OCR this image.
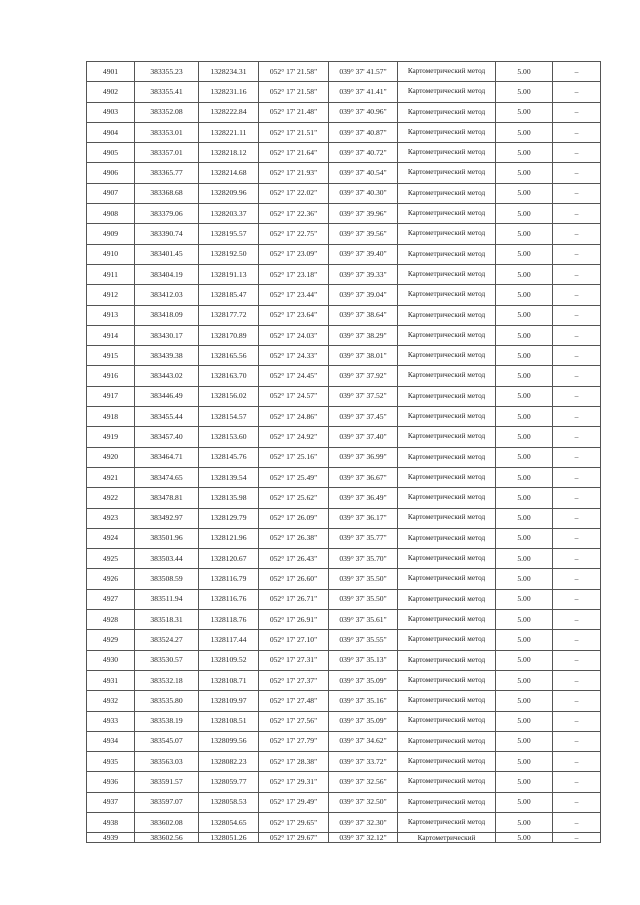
4901	383355.23	1328234.31	052° 17' 21.58"	039° 37' 41.57"	Картометрический метод	5.00	–
4902	383355.41	1328231.16	052° 17' 21.58"	039° 37' 41.41"	Картометрический метод	5.00	–
4903	383352.08	1328222.84	052° 17' 21.48"	039° 37' 40.96"	Картометрический метод	5.00	–
4904	383353.01	1328221.11	052° 17' 21.51"	039° 37' 40.87"	Картометрический метод	5.00	–
4905	383357.01	1328218.12	052° 17' 21.64"	039° 37' 40.72"	Картометрический метод	5.00	–
4906	383365.77	1328214.68	052° 17' 21.93"	039° 37' 40.54"	Картометрический метод	5.00	–
4907	383368.68	1328209.96	052° 17' 22.02"	039° 37' 40.30"	Картометрический метод	5.00	–
4908	383379.06	1328203.37	052° 17' 22.36"	039° 37' 39.96"	Картометрический метод	5.00	–
4909	383390.74	1328195.57	052° 17' 22.75"	039° 37' 39.56"	Картометрический метод	5.00	–
4910	383401.45	1328192.50	052° 17' 23.09"	039° 37' 39.40"	Картометрический метод	5.00	–
4911	383404.19	1328191.13	052° 17' 23.18"	039° 37' 39.33"	Картометрический метод	5.00	–
4912	383412.03	1328185.47	052° 17' 23.44"	039° 37' 39.04"	Картометрический метод	5.00	–
4913	383418.09	1328177.72	052° 17' 23.64"	039° 37' 38.64"	Картометрический метод	5.00	–
4914	383430.17	1328170.89	052° 17' 24.03"	039° 37' 38.29"	Картометрический метод	5.00	–
4915	383439.38	1328165.56	052° 17' 24.33"	039° 37' 38.01"	Картометрический метод	5.00	–
4916	383443.02	1328163.70	052° 17' 24.45"	039° 37' 37.92"	Картометрический метод	5.00	–
4917	383446.49	1328156.02	052° 17' 24.57"	039° 37' 37.52"	Картометрический метод	5.00	–
4918	383455.44	1328154.57	052° 17' 24.86"	039° 37' 37.45"	Картометрический метод	5.00	–
4919	383457.40	1328153.60	052° 17' 24.92"	039° 37' 37.40"	Картометрический метод	5.00	–
4920	383464.71	1328145.76	052° 17' 25.16"	039° 37' 36.99"	Картометрический метод	5.00	–
4921	383474.65	1328139.54	052° 17' 25.49"	039° 37' 36.67"	Картометрический метод	5.00	–
4922	383478.81	1328135.98	052° 17' 25.62"	039° 37' 36.49"	Картометрический метод	5.00	–
4923	383492.97	1328129.79	052° 17' 26.09"	039° 37' 36.17"	Картометрический метод	5.00	–
4924	383501.96	1328121.96	052° 17' 26.38"	039° 37' 35.77"	Картометрический метод	5.00	–
4925	383503.44	1328120.67	052° 17' 26.43"	039° 37' 35.70"	Картометрический метод	5.00	–
4926	383508.59	1328116.79	052° 17' 26.60"	039° 37' 35.50"	Картометрический метод	5.00	–
4927	383511.94	1328116.76	052° 17' 26.71"	039° 37' 35.50"	Картометрический метод	5.00	–
4928	383518.31	1328118.76	052° 17' 26.91"	039° 37' 35.61"	Картометрический метод	5.00	–
4929	383524.27	1328117.44	052° 17' 27.10"	039° 37' 35.55"	Картометрический метод	5.00	–
4930	383530.57	1328109.52	052° 17' 27.31"	039° 37' 35.13"	Картометрический метод	5.00	–
4931	383532.18	1328108.71	052° 17' 27.37"	039° 37' 35.09"	Картометрический метод	5.00	–
4932	383535.80	1328109.97	052° 17' 27.48"	039° 37' 35.16"	Картометрический метод	5.00	–
4933	383538.19	1328108.51	052° 17' 27.56"	039° 37' 35.09"	Картометрический метод	5.00	–
4934	383545.07	1328099.56	052° 17' 27.79"	039° 37' 34.62"	Картометрический метод	5.00	–
4935	383563.03	1328082.23	052° 17' 28.38"	039° 37' 33.72"	Картометрический метод	5.00	–
4936	383591.57	1328059.77	052° 17' 29.31"	039° 37' 32.56"	Картометрический метод	5.00	–
4937	383597.07	1328058.53	052° 17' 29.49"	039° 37' 32.50"	Картометрический метод	5.00	–
4938	383602.08	1328054.65	052° 17' 29.65"	039° 37' 32.30"	Картометрический метод	5.00	–
4939	383602.56	1328051.26	052° 17' 29.67"	039° 37' 32.12"	Картометрический	5.00	–
